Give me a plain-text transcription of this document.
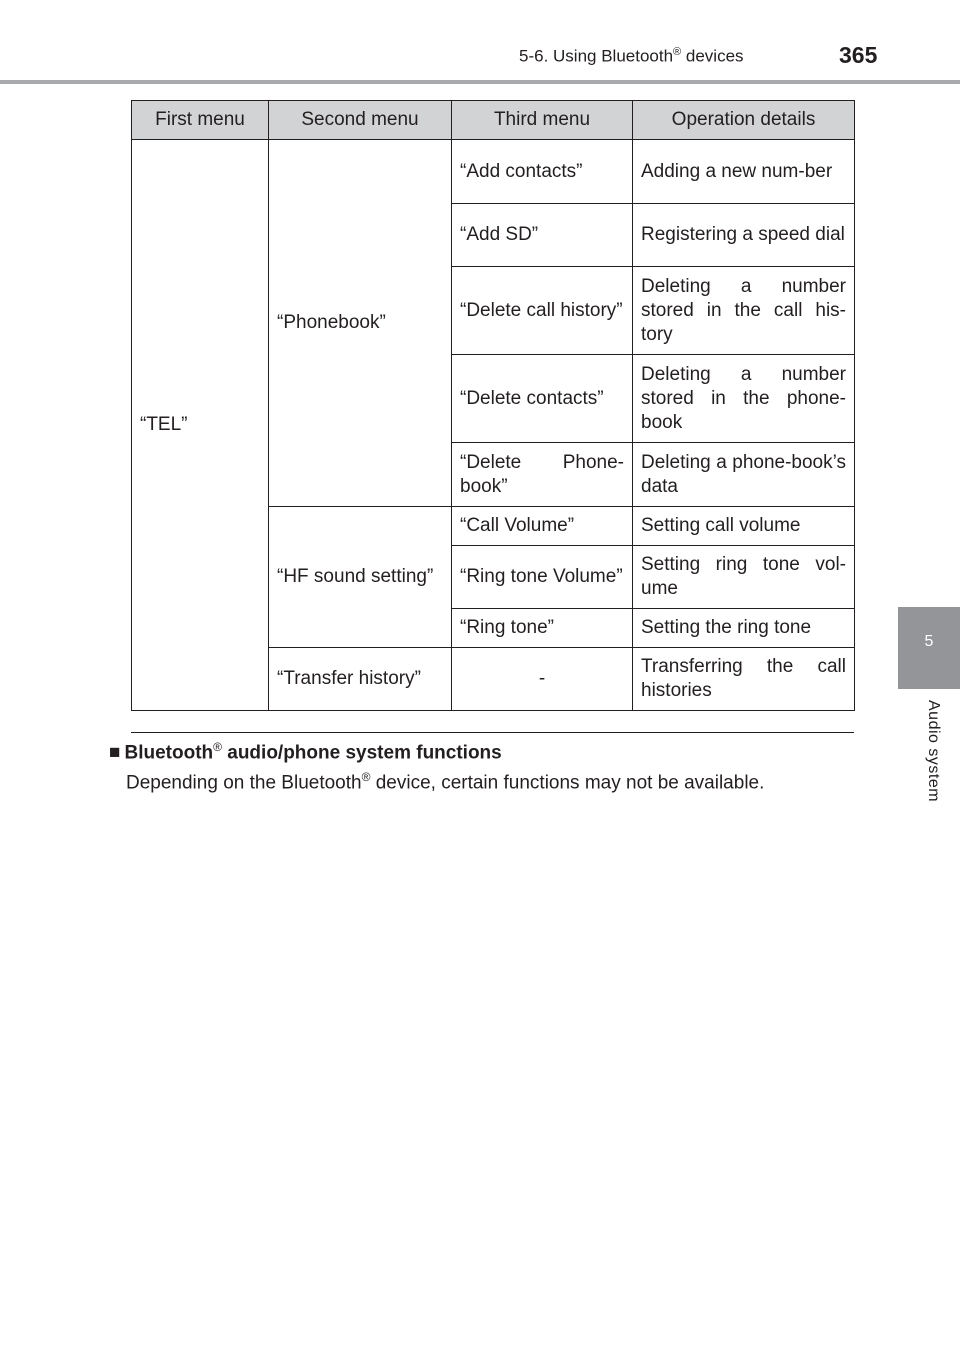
5-6. Using Bluetooth® devices	365
5
Audio system
First menu	Second menu	Third menu	Operation details
“TEL”	“Phonebook”	“Add contacts”	Adding a new num-ber
		“Add SD”	Registering a speed dial
		“Delete call history”	Deleting a number stored in the call his-tory
		“Delete contacts”	Deleting a number stored in the phone-book
		“Delete Phone-book”	Deleting a phone-book’s data
	“HF sound setting”	“Call Volume”	Setting call volume
		“Ring tone Volume”	Setting ring tone vol-ume
		“Ring tone”	Setting the ring tone
	“Transfer history”	-	Transferring the call histories
■ Bluetooth® audio/phone system functions
Depending on the Bluetooth® device, certain functions may not be available.
